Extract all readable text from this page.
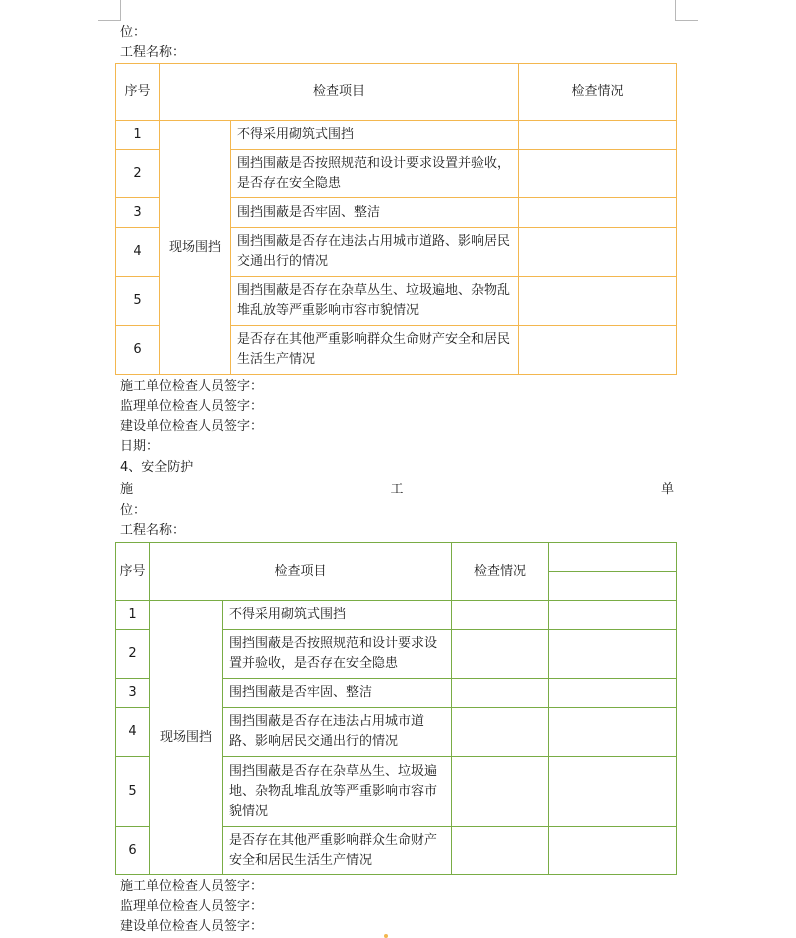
位：
工程名称：
序号	检查项目		检查情况
1	现场围挡	不得采用砌筑式围挡	
2		围挡围蔽是否按照规范和设计要求设置并验收，是否存在安全隐患	
3		围挡围蔽是否牢固、整洁	
4		围挡围蔽是否存在违法占用城市道路、影响居民交通出行的情况	
5		围挡围蔽是否存在杂草丛生、垃圾遍地、杂物乱堆乱放等严重影响市容市貌情况	
6		是否存在其他严重影响群众生命财产安全和居民生活生产情况	
施工单位检查人员签字：
监理单位检查人员签字：
建设单位检查人员签字：
日期：
4、安全防护
施	工	单
位：
工程名称：
序号	检查项目		检查情况	

1	现场围挡	不得采用砌筑式围挡		
2		围挡围蔽是否按照规范和设计要求设置并验收，是否存在安全隐患		
3		围挡围蔽是否牢固、整洁		
4		围挡围蔽是否存在违法占用城市道路、影响居民交通出行的情况		
5		围挡围蔽是否存在杂草丛生、垃圾遍地、杂物乱堆乱放等严重影响市容市貌情况		
6		是否存在其他严重影响群众生命财产安全和居民生活生产情况		
施工单位检查人员签字：
监理单位检查人员签字：
建设单位检查人员签字：
